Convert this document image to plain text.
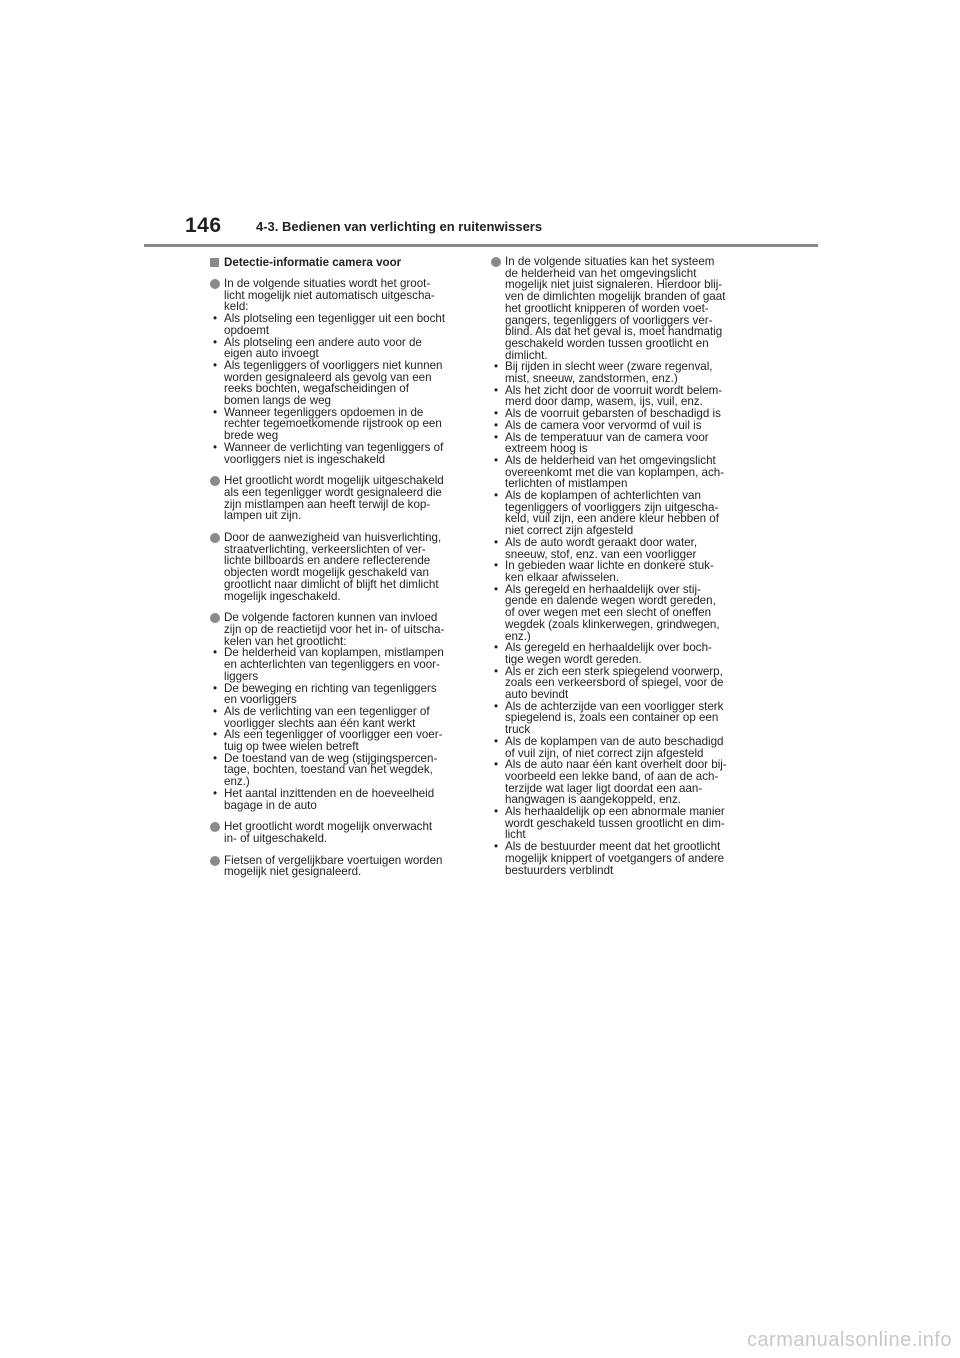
146	4-3. Bedienen van verlichting en ruitenwissers
Detectie-informatie camera voor
In de volgende situaties wordt het groot-
licht mogelijk niet automatisch uitgescha-
keld:
• Als plotseling een tegenligger uit een bocht
opdoemt
• Als plotseling een andere auto voor de
eigen auto invoegt
• Als tegenliggers of voorliggers niet kunnen
worden gesignaleerd als gevolg van een
reeks bochten, wegafscheidingen of
bomen langs de weg
• Wanneer tegenliggers opdoemen in de
rechter tegemoetkomende rijstrook op een
brede weg
• Wanneer de verlichting van tegenliggers of
voorliggers niet is ingeschakeld
Het grootlicht wordt mogelijk uitgeschakeld
als een tegenligger wordt gesignaleerd die
zijn mistlampen aan heeft terwijl de kop-
lampen uit zijn.
Door de aanwezigheid van huisverlichting,
straatverlichting, verkeerslichten of ver-
lichte billboards en andere reflecterende
objecten wordt mogelijk geschakeld van
grootlicht naar dimlicht of blijft het dimlicht
mogelijk ingeschakeld.
De volgende factoren kunnen van invloed
zijn op de reactietijd voor het in- of uitscha-
kelen van het grootlicht:
• De helderheid van koplampen, mistlampen
en achterlichten van tegenliggers en voor-
liggers
• De beweging en richting van tegenliggers
en voorliggers
• Als de verlichting van een tegenligger of
voorligger slechts aan één kant werkt
• Als een tegenligger of voorligger een voer-
tuig op twee wielen betreft
• De toestand van de weg (stijgingspercen-
tage, bochten, toestand van het wegdek,
enz.)
• Het aantal inzittenden en de hoeveelheid
bagage in de auto
Het grootlicht wordt mogelijk onverwacht
in- of uitgeschakeld.
Fietsen of vergelijkbare voertuigen worden
mogelijk niet gesignaleerd.
In de volgende situaties kan het systeem
de helderheid van het omgevingslicht
mogelijk niet juist signaleren. Hierdoor blij-
ven de dimlichten mogelijk branden of gaat
het grootlicht knipperen of worden voet-
gangers, tegenliggers of voorliggers ver-
blind. Als dat het geval is, moet handmatig
geschakeld worden tussen grootlicht en
dimlicht.
• Bij rijden in slecht weer (zware regenval,
mist, sneeuw, zandstormen, enz.)
• Als het zicht door de voorruit wordt belem-
merd door damp, wasem, ijs, vuil, enz.
• Als de voorruit gebarsten of beschadigd is
• Als de camera voor vervormd of vuil is
• Als de temperatuur van de camera voor
extreem hoog is
• Als de helderheid van het omgevingslicht
overeenkomt met die van koplampen, ach-
terlichten of mistlampen
• Als de koplampen of achterlichten van
tegenliggers of voorliggers zijn uitgescha-
keld, vuil zijn, een andere kleur hebben of
niet correct zijn afgesteld
• Als de auto wordt geraakt door water,
sneeuw, stof, enz. van een voorligger
• In gebieden waar lichte en donkere stuk-
ken elkaar afwisselen.
• Als geregeld en herhaaldelijk over stij-
gende en dalende wegen wordt gereden,
of over wegen met een slecht of oneffen
wegdek (zoals klinkerwegen, grindwegen,
enz.)
• Als geregeld en herhaaldelijk over boch-
tige wegen wordt gereden.
• Als er zich een sterk spiegelend voorwerp,
zoals een verkeersbord of spiegel, voor de
auto bevindt
• Als de achterzijde van een voorligger sterk
spiegelend is, zoals een container op een
truck
• Als de koplampen van de auto beschadigd
of vuil zijn, of niet correct zijn afgesteld
• Als de auto naar één kant overhelt door bij-
voorbeeld een lekke band, of aan de ach-
terzijde wat lager ligt doordat een aan-
hangwagen is aangekoppeld, enz.
• Als herhaaldelijk op een abnormale manier
wordt geschakeld tussen grootlicht en dim-
licht
• Als de bestuurder meent dat het grootlicht
mogelijk knippert of voetgangers of andere
bestuurders verblindt
carmanualsonline.info
